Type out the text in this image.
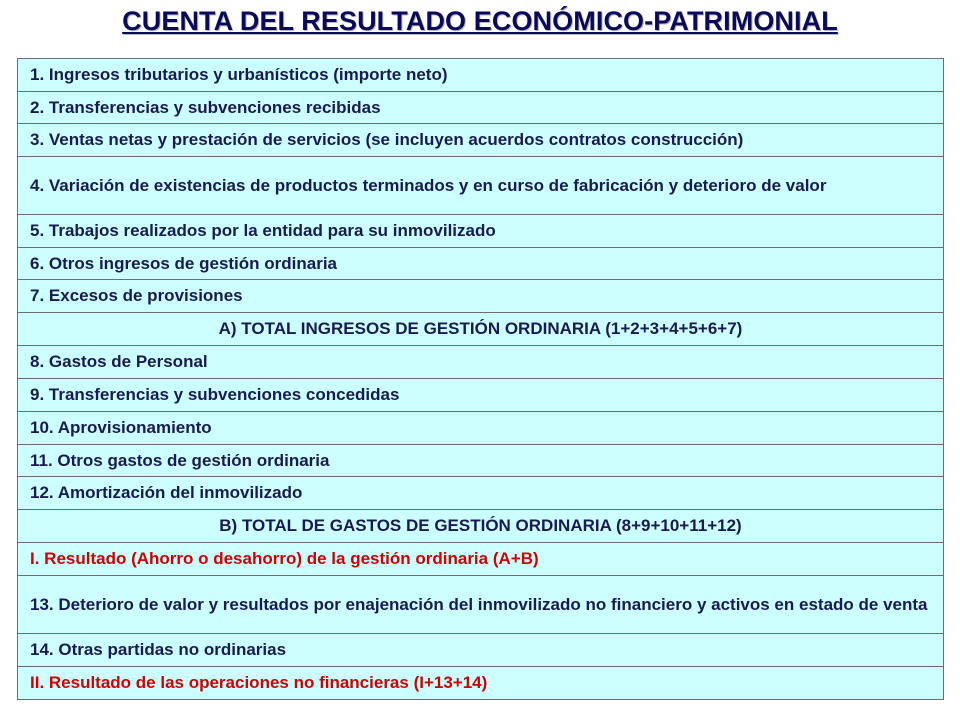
CUENTA DEL RESULTADO ECONÓMICO-PATRIMONIAL
1. Ingresos tributarios y urbanísticos (importe neto)
2. Transferencias y subvenciones recibidas
3. Ventas netas y prestación de servicios (se incluyen acuerdos contratos construcción)
4. Variación de existencias de productos terminados y en curso de fabricación y deterioro de valor
5. Trabajos realizados por la entidad para su inmovilizado
6. Otros ingresos de gestión ordinaria
7. Excesos de provisiones
A) TOTAL INGRESOS DE GESTIÓN ORDINARIA (1+2+3+4+5+6+7)
8. Gastos de Personal
9. Transferencias y subvenciones concedidas
10. Aprovisionamiento
11. Otros gastos de gestión ordinaria
12. Amortización del inmovilizado
B) TOTAL DE GASTOS DE GESTIÓN ORDINARIA (8+9+10+11+12)
I. Resultado (Ahorro o desahorro) de la gestión ordinaria (A+B)
13. Deterioro de valor y resultados por enajenación del inmovilizado no financiero y activos en estado de venta
14. Otras partidas no ordinarias
II. Resultado de las operaciones no financieras (I+13+14)
